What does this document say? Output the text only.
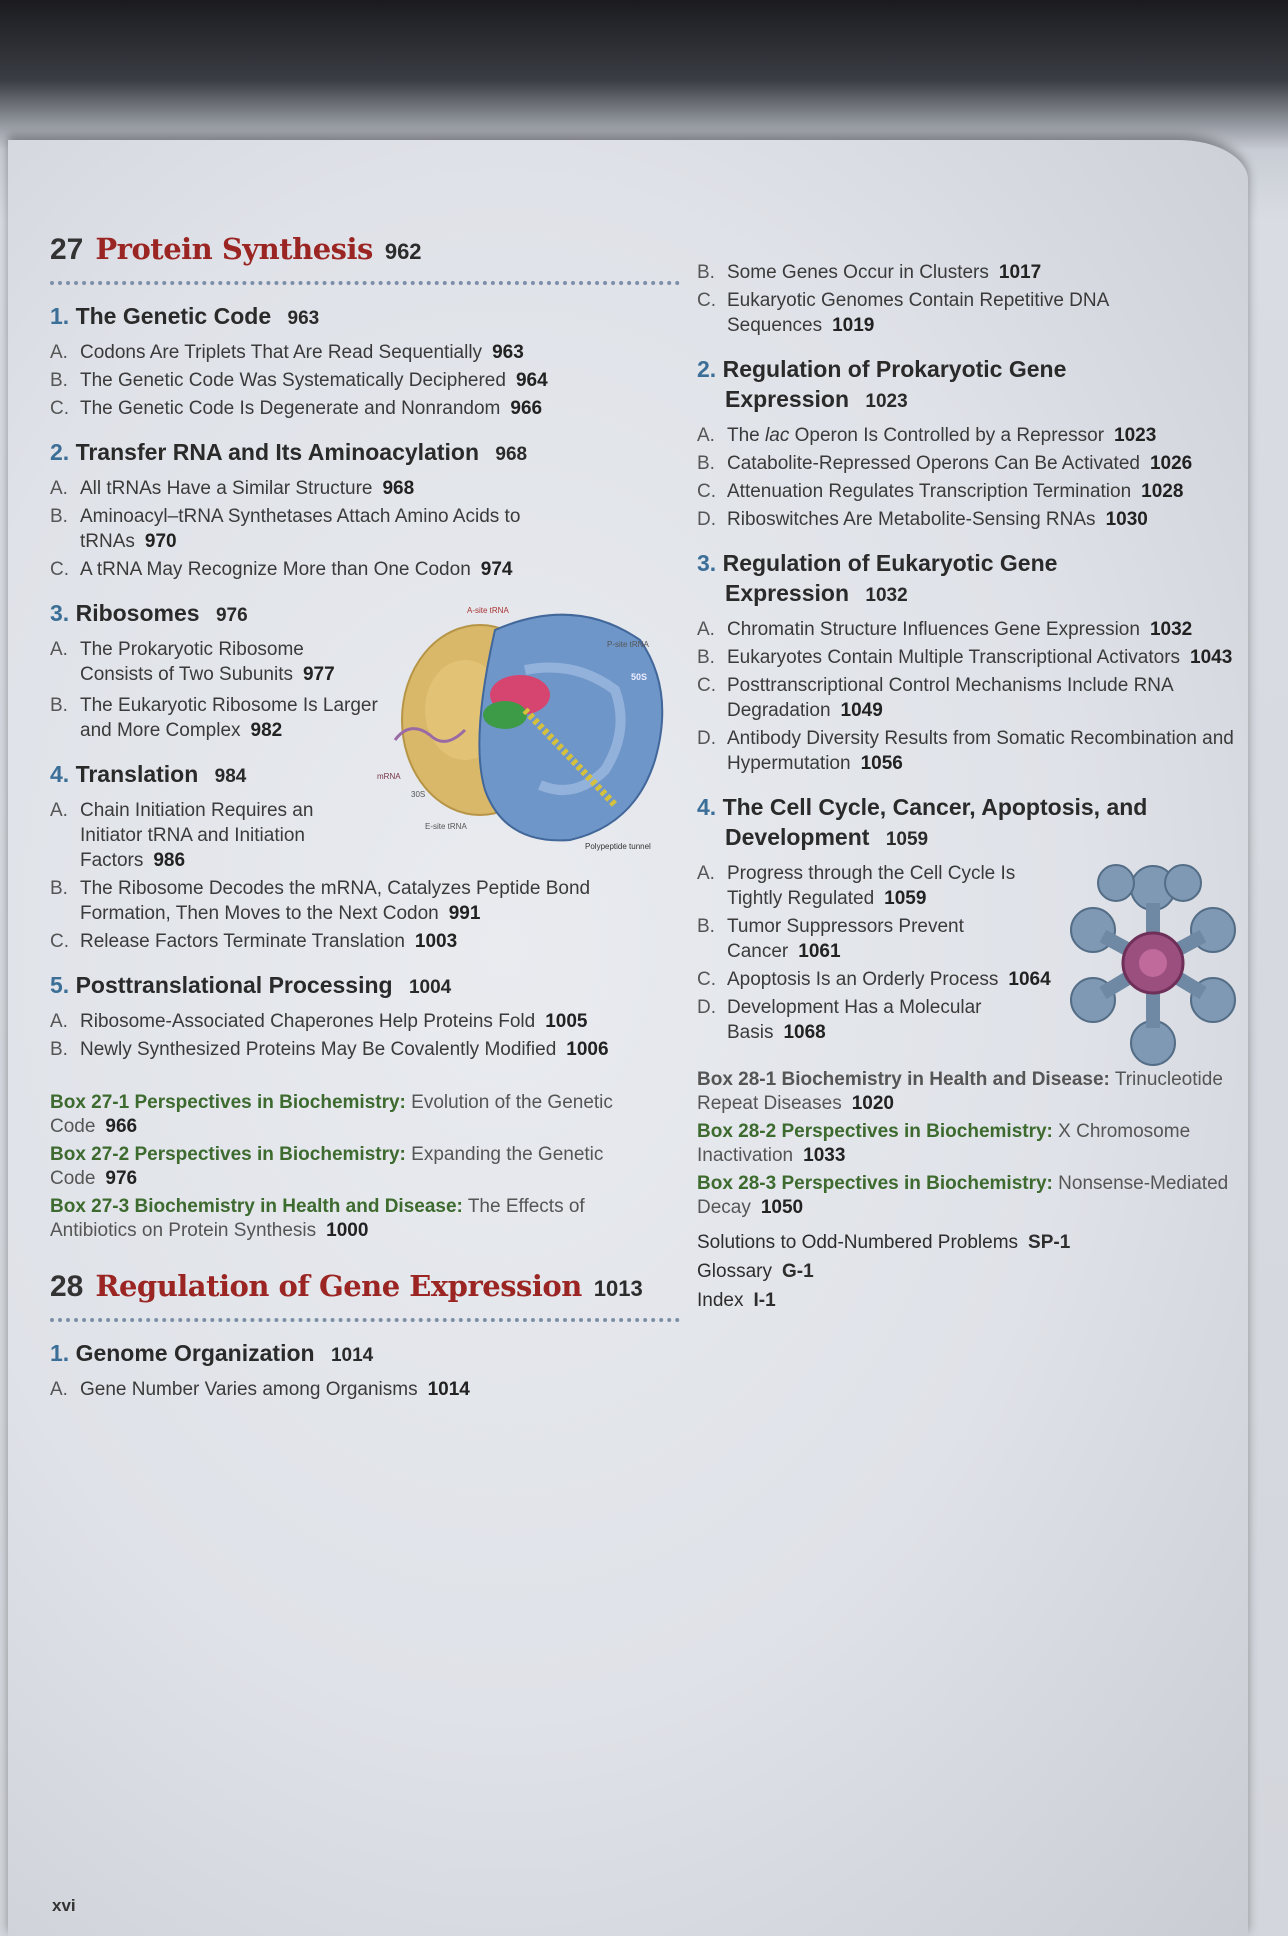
27 Protein Synthesis 962
1. The Genetic Code 963
A. Codons Are Triplets That Are Read Sequentially 963
B. The Genetic Code Was Systematically Deciphered 964
C. The Genetic Code Is Degenerate and Nonrandom 966
2. Transfer RNA and Its Aminoacylation 968
A. All tRNAs Have a Similar Structure 968
B. Aminoacyl–tRNA Synthetases Attach Amino Acids to tRNAs 970
C. A tRNA May Recognize More than One Codon 974
3. Ribosomes 976
A. The Prokaryotic Ribosome Consists of Two Subunits 977
B. The Eukaryotic Ribosome Is Larger and More Complex 982
4. Translation 984
A. Chain Initiation Requires an Initiator tRNA and Initiation Factors 986
B. The Ribosome Decodes the mRNA, Catalyzes Peptide Bond Formation, Then Moves to the Next Codon 991
C. Release Factors Terminate Translation 1003
5. Posttranslational Processing 1004
A. Ribosome-Associated Chaperones Help Proteins Fold 1005
B. Newly Synthesized Proteins May Be Covalently Modified 1006
Box 27-1 Perspectives in Biochemistry: Evolution of the Genetic Code 966
Box 27-2 Perspectives in Biochemistry: Expanding the Genetic Code 976
Box 27-3 Biochemistry in Health and Disease: The Effects of Antibiotics on Protein Synthesis 1000
28 Regulation of Gene Expression 1013
1. Genome Organization 1014
A. Gene Number Varies among Organisms 1014
B. Some Genes Occur in Clusters 1017
C. Eukaryotic Genomes Contain Repetitive DNA Sequences 1019
2. Regulation of Prokaryotic Gene Expression 1023
A. The lac Operon Is Controlled by a Repressor 1023
B. Catabolite-Repressed Operons Can Be Activated 1026
C. Attenuation Regulates Transcription Termination 1028
D. Riboswitches Are Metabolite-Sensing RNAs 1030
3. Regulation of Eukaryotic Gene Expression 1032
A. Chromatin Structure Influences Gene Expression 1032
B. Eukaryotes Contain Multiple Transcriptional Activators 1043
C. Posttranscriptional Control Mechanisms Include RNA Degradation 1049
D. Antibody Diversity Results from Somatic Recombination and Hypermutation 1056
4. The Cell Cycle, Cancer, Apoptosis, and Development 1059
A. Progress through the Cell Cycle Is Tightly Regulated 1059
B. Tumor Suppressors Prevent Cancer 1061
C. Apoptosis Is an Orderly Process 1064
D. Development Has a Molecular Basis 1068
Box 28-1 Biochemistry in Health and Disease: Trinucleotide Repeat Diseases 1020
Box 28-2 Perspectives in Biochemistry: X Chromosome Inactivation 1033
Box 28-3 Perspectives in Biochemistry: Nonsense-Mediated Decay 1050
Solutions to Odd-Numbered Problems SP-1
Glossary G-1
Index I-1
A-site tRNA
P-site tRNA
50S
mRNA
30S
E-site tRNA
Polypeptide tunnel
xvi
